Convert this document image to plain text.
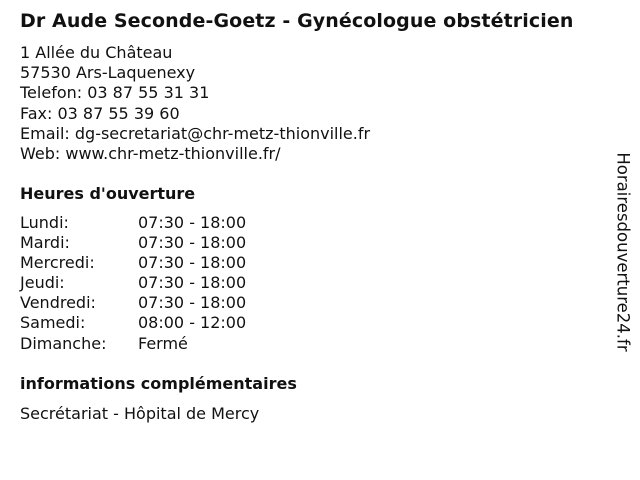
Dr Aude Seconde-Goetz - Gynécologue obstétricien
1 Allée du Château
57530 Ars-Laquenexy
Telefon: 03 87 55 31 31
Fax: 03 87 55 39 60
Email: dg-secretariat@chr-metz-thionville.fr
Web: www.chr-metz-thionville.fr/
Heures d'ouverture
Lundi:	07:30 - 18:00
Mardi:	07:30 - 18:00
Mercredi:	07:30 - 18:00
Jeudi:	07:30 - 18:00
Vendredi:	07:30 - 18:00
Samedi:	08:00 - 12:00
Dimanche:	Fermé
informations complémentaires
Secrétariat - Hôpital de Mercy
Horairesdouverture24.fr
